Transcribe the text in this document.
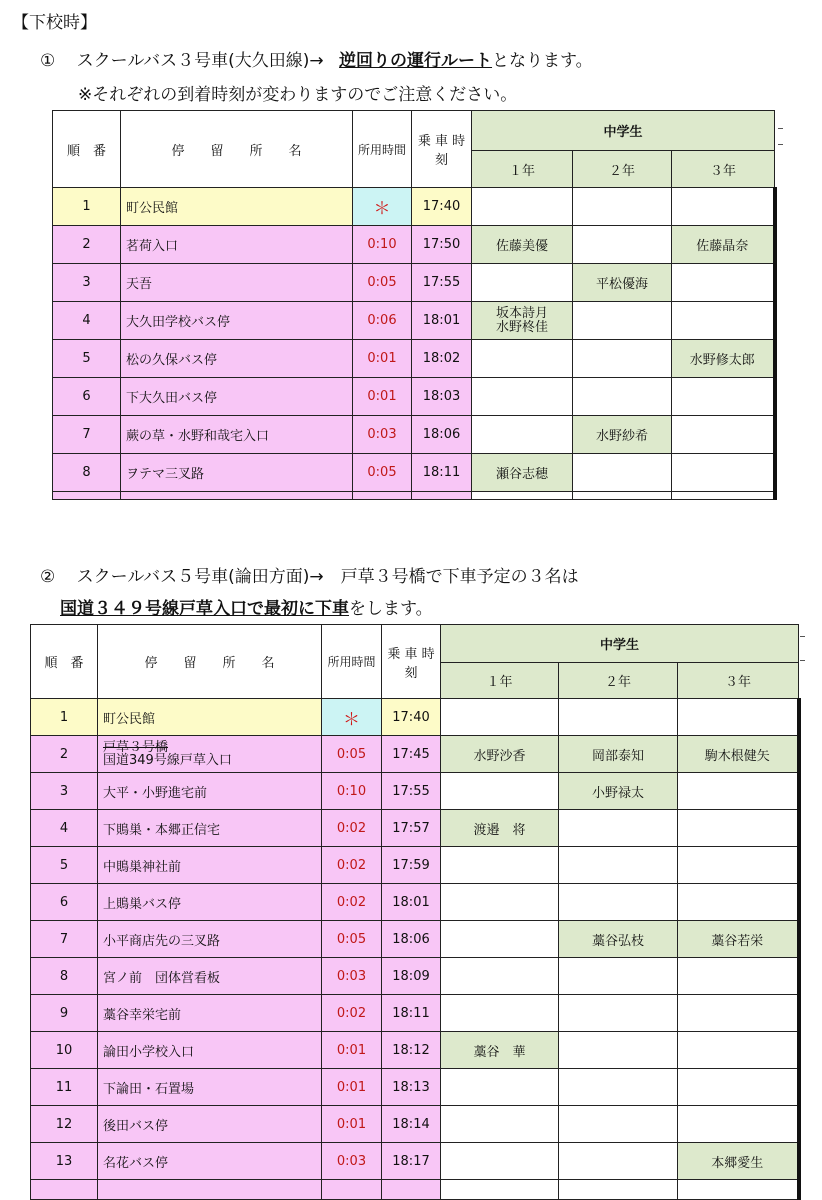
【下校時】
① スクールバス３号車(大久田線)→ 逆回りの運行ルートとなります。
※それぞれの到着時刻が変わりますのでご注意ください。
順　番	停　　留　　所　　名	所用時間	乗 車 時 刻	中学生		
				１年	２年	３年
1	町公民館	＊	17:40			
2	茗荷入口	0:10	17:50	佐藤美優		佐藤晶奈
3	天吾	0:05	17:55		平松優海	
4	大久田学校バス停	0:06	18:01	坂本詩月
水野柊佳		

5	松の久保バス停	0:01	18:02			水野修太郎
6	下大久田バス停	0:01	18:03			
7	蕨の草・水野和哉宅入口	0:03	18:06		水野紗希	
8	ヲテマ三叉路	0:05	18:11	瀬谷志穂		

② スクールバス５号車(論田方面)→　戸草３号橋で下車予定の３名は
国道３４９号線戸草入口で最初に下車をします。
順　番	停　　留　　所　　名	所用時間	乗 車 時 刻	中学生		
				１年	２年	３年
1	町公民館	＊	17:40			
2	戸草３号橋
国道349号線戸草入口	0:05	17:45	水野沙香	岡部泰知	駒木根健矢
3	大平・小野進宅前	0:10	17:55		小野禄太	
4	下鵙巣・本郷正信宅	0:02	17:57	渡邉　将		
5	中鵙巣神社前	0:02	17:59			
6	上鵙巣バス停	0:02	18:01			
7	小平商店先の三叉路	0:05	18:06		藁谷弘枝	藁谷若栄
8	宮ノ前　団体営看板	0:03	18:09			
9	藁谷幸栄宅前	0:02	18:11			
10	論田小学校入口	0:01	18:12	藁谷　華		
11	下論田・石置場	0:01	18:13			
12	後田バス停	0:01	18:14			
13	名花バス停	0:03	18:17			本郷愛生
